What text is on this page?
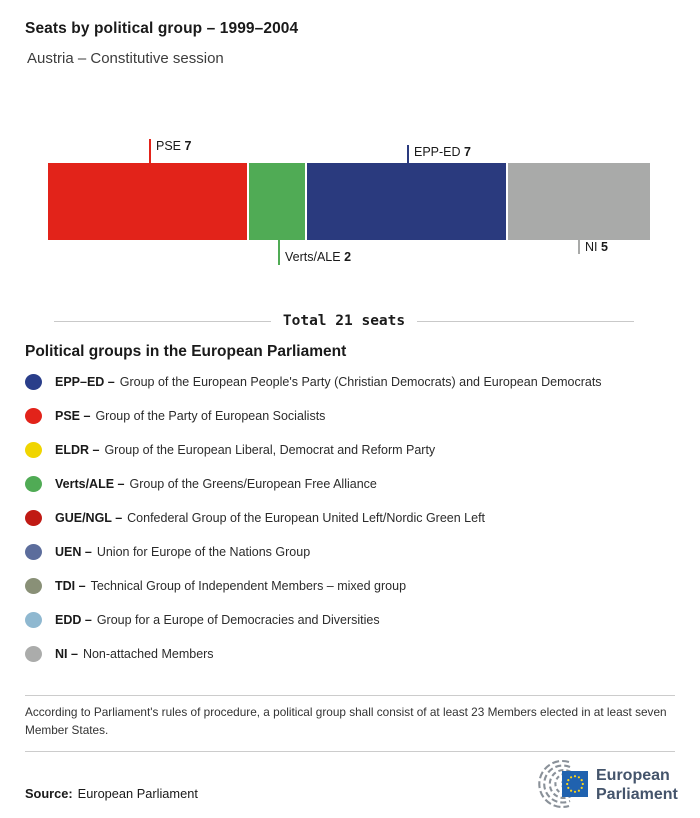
Seats by political group – 1999–2004
Austria – Constitutive session
PSE 7	EPP-ED 7
Verts/ALE 2
NI 5
Total 21 seats
Political groups in the European Parliament
EPP–ED – Group of the European People's Party (Christian Democrats) and European Democrats
PSE – Group of the Party of European Socialists
ELDR – Group of the European Liberal, Democrat and Reform Party
Verts/ALE – Group of the Greens/European Free Alliance
GUE/NGL – Confederal Group of the European United Left/Nordic Green Left
UEN – Union for Europe of the Nations Group
TDI – Technical Group of Independent Members – mixed group
EDD – Group for a Europe of Democracies and Diversities
NI – Non-attached Members

According to Parliament's rules of procedure, a political group shall consist of at least 23 Members elected in at least seven Member States.

Source: European Parliament

European
Parliament
